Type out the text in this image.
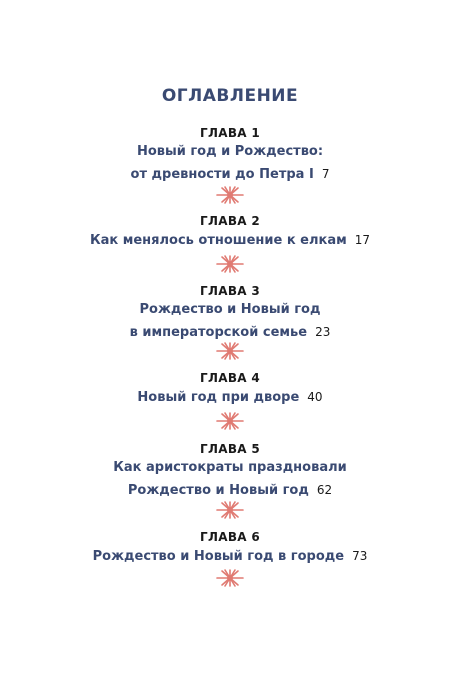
ОГЛАВЛЕНИЕ
ГЛАВА 1
Новый год и Рождество:
от древности до Петра I 7
ГЛАВА 2
Как менялось отношение к елкам 17
ГЛАВА 3
Рождество и Новый год
в императорской семье 23
ГЛАВА 4
Новый год при дворе 40
ГЛАВА 5
Как аристократы праздновали
Рождество и Новый год 62
ГЛАВА 6
Рождество и Новый год в городе 73
